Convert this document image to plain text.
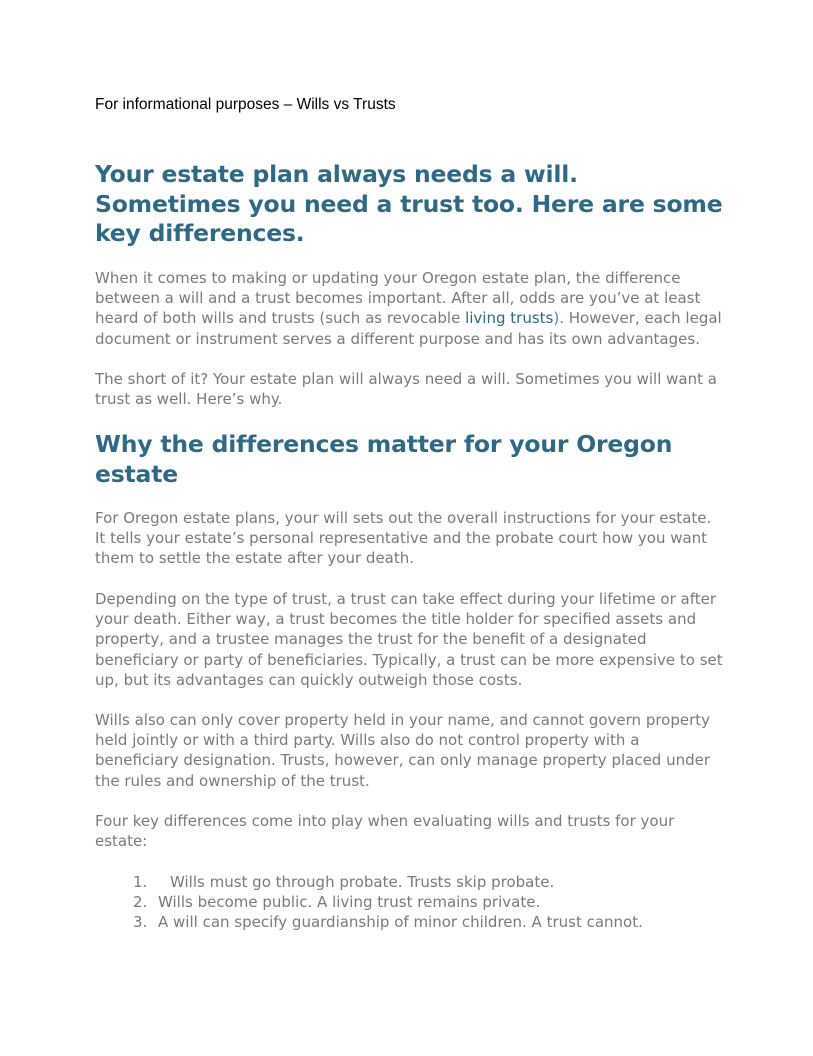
For informational purposes – Wills vs Trusts
Your estate plan always needs a will. Sometimes you need a trust too. Here are some key differences.

When it comes to making or updating your Oregon estate plan, the difference between a will and a trust becomes important. After all, odds are you’ve at least heard of both wills and trusts (such as revocable living trusts). However, each legal document or instrument serves a different purpose and has its own advantages.

The short of it? Your estate plan will always need a will. Sometimes you will want a trust as well. Here’s why.

Why the differences matter for your Oregon estate

For Oregon estate plans, your will sets out the overall instructions for your estate. It tells your estate’s personal representative and the probate court how you want them to settle the estate after your death.

Depending on the type of trust, a trust can take effect during your lifetime or after your death. Either way, a trust becomes the title holder for specified assets and property, and a trustee manages the trust for the benefit of a designated beneficiary or party of beneficiaries. Typically, a trust can be more expensive to set up, but its advantages can quickly outweigh those costs.

Wills also can only cover property held in your name, and cannot govern property held jointly or with a third party. Wills also do not control property with a beneficiary designation. Trusts, however, can only manage property placed under the rules and ownership of the trust.

Four key differences come into play when evaluating wills and trusts for your estate:

1. Wills must go through probate. Trusts skip probate.
2. Wills become public. A living trust remains private.
3. A will can specify guardianship of minor children. A trust cannot.
